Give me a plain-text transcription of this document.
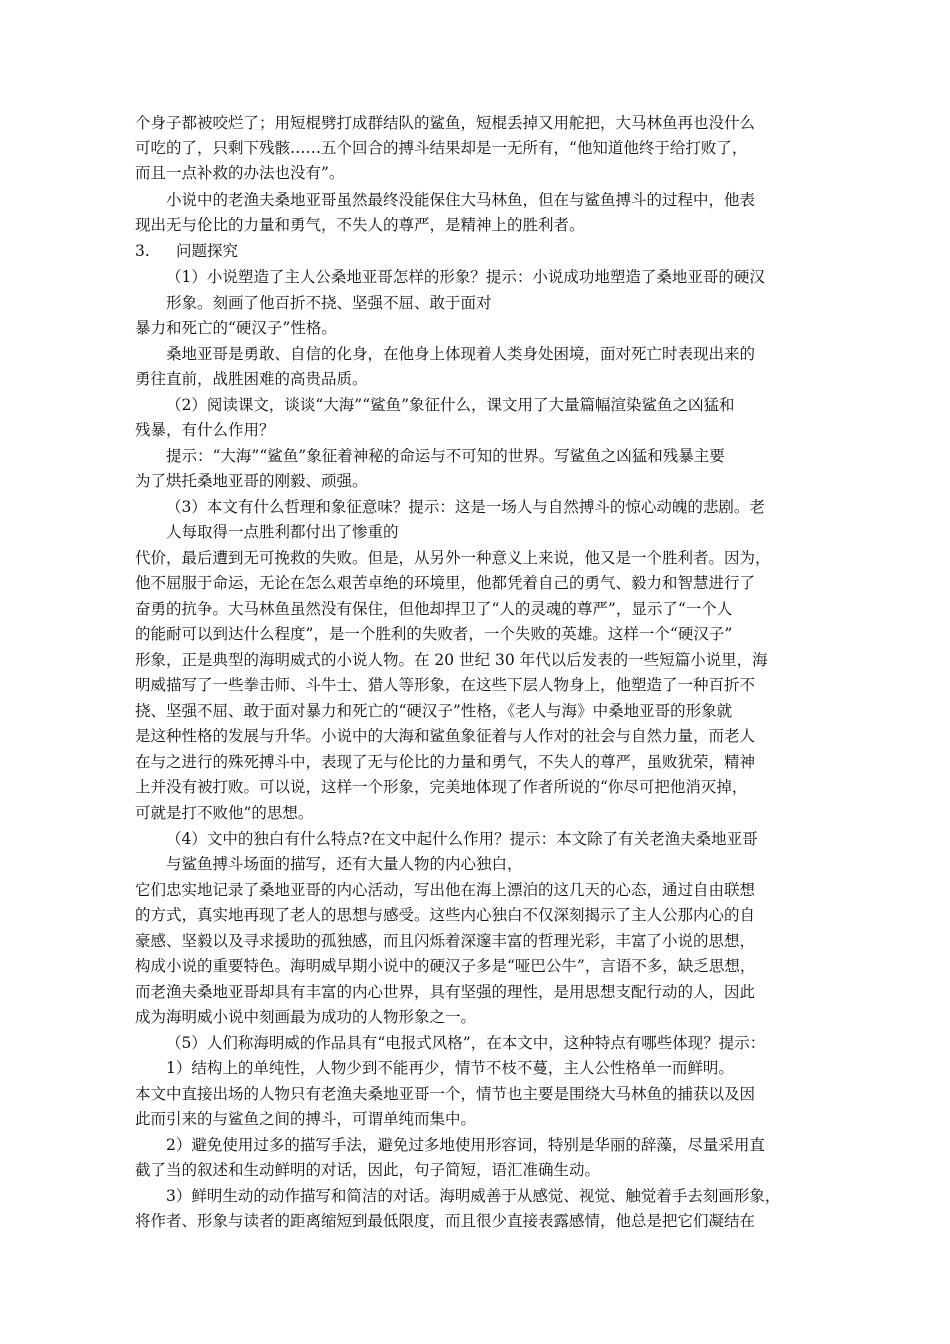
个身子都被咬烂了；用短棍劈打成群结队的鲨鱼，短棍丢掉又用舵把，大马林鱼再也没什么
可吃的了，只剩下残骸……五个回合的搏斗结果却是一无所有，“他知道他终于给打败了，
而且一点补救的办法也没有”。
小说中的老渔夫桑地亚哥虽然最终没能保住大马林鱼，但在与鲨鱼搏斗的过程中，他表
现出无与伦比的力量和勇气，不失人的尊严，是精神上的胜利者。
3. 问题探究
（1）小说塑造了主人公桑地亚哥怎样的形象？提示：小说成功地塑造了桑地亚哥的硬汉
形象。刻画了他百折不挠、坚强不屈、敢于面对
暴力和死亡的“硬汉子”性格。
桑地亚哥是勇敢、自信的化身，在他身上体现着人类身处困境，面对死亡时表现出来的
勇往直前，战胜困难的高贵品质。
（2）阅读课文，谈谈“大海”“鲨鱼”象征什么，课文用了大量篇幅渲染鲨鱼之凶猛和
残暴，有什么作用？
提示：“大海”“鲨鱼”象征着神秘的命运与不可知的世界。写鲨鱼之凶猛和残暴主要
为了烘托桑地亚哥的刚毅、顽强。
（3）本文有什么哲理和象征意味？提示：这是一场人与自然搏斗的惊心动魄的悲剧。老
人每取得一点胜利都付出了惨重的
代价，最后遭到无可挽救的失败。但是，从另外一种意义上来说，他又是一个胜利者。因为，
他不屈服于命运，无论在怎么艰苦卓绝的环境里，他都凭着自己的勇气、毅力和智慧进行了
奋勇的抗争。大马林鱼虽然没有保住，但他却捍卫了“人的灵魂的尊严”，显示了“一个人
的能耐可以到达什么程度”，是一个胜利的失败者，一个失败的英雄。这样一个“硬汉子”
形象，正是典型的海明威式的小说人物。在 20 世纪 30 年代以后发表的一些短篇小说里，海
明威描写了一些拳击师、斗牛士、猎人等形象，在这些下层人物身上，他塑造了一种百折不
挠、坚强不屈、敢于面对暴力和死亡的“硬汉子”性格，《老人与海》中桑地亚哥的形象就
是这种性格的发展与升华。小说中的大海和鲨鱼象征着与人作对的社会与自然力量，而老人
在与之进行的殊死搏斗中，表现了无与伦比的力量和勇气，不失人的尊严，虽败犹荣，精神
上并没有被打败。可以说，这样一个形象，完美地体现了作者所说的“你尽可把他消灭掉，
可就是打不败他”的思想。
（4）文中的独白有什么特点?在文中起什么作用？提示：本文除了有关老渔夫桑地亚哥
与鲨鱼搏斗场面的描写，还有大量人物的内心独白，
它们忠实地记录了桑地亚哥的内心活动，写出他在海上漂泊的这几天的心态，通过自由联想
的方式，真实地再现了老人的思想与感受。这些内心独白不仅深刻揭示了主人公那内心的自
豪感、坚毅以及寻求援助的孤独感，而且闪烁着深邃丰富的哲理光彩，丰富了小说的思想，
构成小说的重要特色。海明威早期小说中的硬汉子多是“哑巴公牛”，言语不多，缺乏思想，
而老渔夫桑地亚哥却具有丰富的内心世界，具有坚强的理性，是用思想支配行动的人，因此
成为海明威小说中刻画最为成功的人物形象之一。
（5）人们称海明威的作品具有“电报式风格”，在本文中，这种特点有哪些体现？提示：
1）结构上的单纯性，人物少到不能再少，情节不枝不蔓，主人公性格单一而鲜明。
本文中直接出场的人物只有老渔夫桑地亚哥一个，情节也主要是围绕大马林鱼的捕获以及因
此而引来的与鲨鱼之间的搏斗，可谓单纯而集中。
2）避免使用过多的描写手法，避免过多地使用形容词，特别是华丽的辞藻，尽量采用直
截了当的叙述和生动鲜明的对话，因此，句子简短，语汇准确生动。
3）鲜明生动的动作描写和简洁的对话。海明威善于从感觉、视觉、触觉着手去刻画形象，
将作者、形象与读者的距离缩短到最低限度，而且很少直接表露感情，他总是把它们凝结在
